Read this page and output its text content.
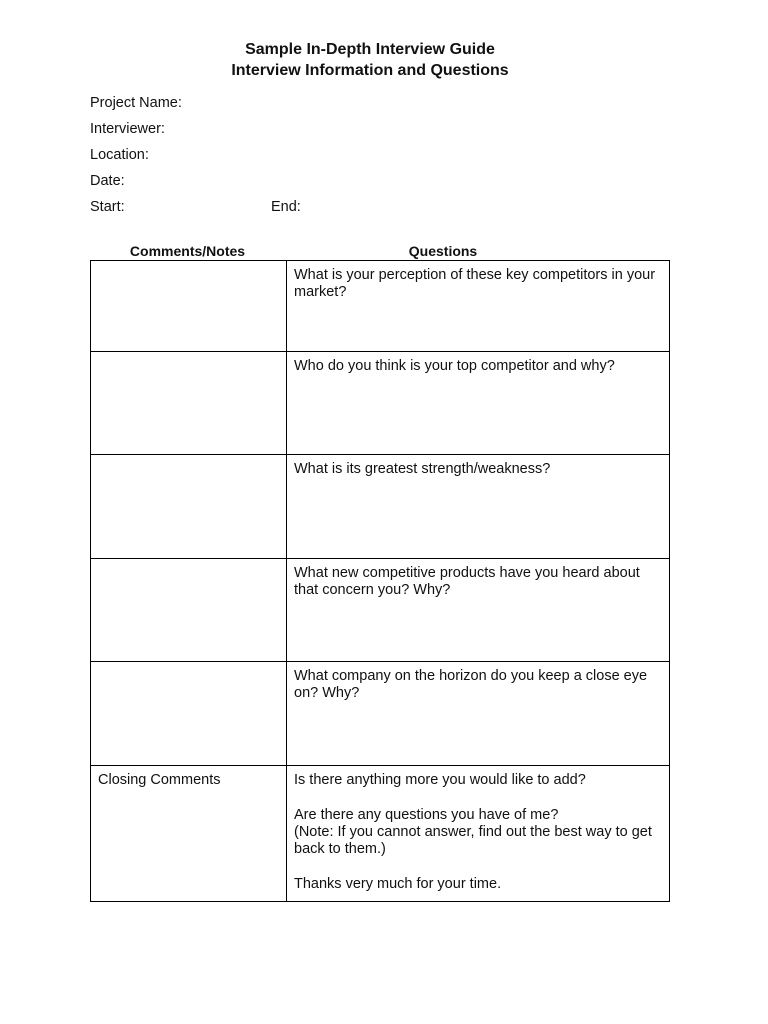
Sample In-Depth Interview Guide
Interview Information and Questions
Project Name:
Interviewer:
Location:
Date:
Start:	End:
Comments/Notes	Questions

	What is your perception of these key competitors in your market?

	Who do you think is your top competitor and why?

	What is its greatest strength/weakness?

	What new competitive products have you heard about that concern you? Why?

	What company on the horizon do you keep a close eye on? Why?

Closing Comments	Is there anything more you would like to add?

Are there any questions you have of me?

(Note: If you cannot answer, find out the best way to get back to them.)

Thanks very much for your time.
